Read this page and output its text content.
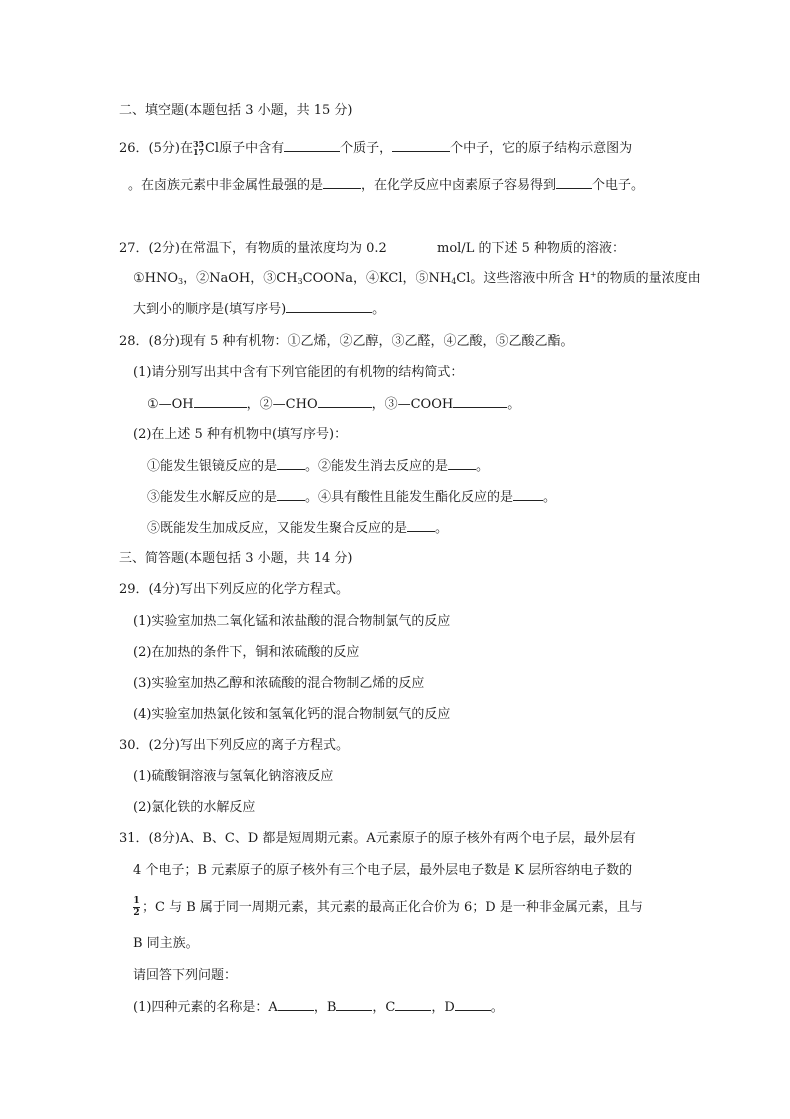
二、填空题(本题包括 3 小题，共 15 分)
26．(5分)在 35
17 Cl原子中含有	个质子，	个中子，它的原子结构示意图为
。在卤族元素中非金属性最强的是	，在化学反应中卤素原子容易得到	个电子。
27．(2分)在常温下，有物质的量浓度均为 0.2	mol/L 的下述 5 种物质的溶液：
$①HNO_3$，②NaOH，$③CH_3COONa$，④KCl，$⑤NH_4Cl$。这些溶液中所含 H+的物质的量浓度由
大到小的顺序是(填写序号)	。
28．(8分)现有 5 种有机物：①乙烯，②乙醇，③乙醛，④乙酸，⑤乙酸乙酯。
(1)请分别写出其中含有下列官能团的有机物的结构简式：
①—OH	，②—CHO	，③—COOH	。
(2)在上述 5 种有机物中(填写序号)：
①能发生银镜反应的是 。②能发生消去反应的是 。
③能发生水解反应的是 。④具有酸性且能发生酯化反应的是 。
⑤既能发生加成反应，又能发生聚合反应的是 。
三、简答题(本题包括 3 小题，共 14 分)
29．(4分)写出下列反应的化学方程式。
(1)实验室加热二氧化锰和浓盐酸的混合物制氯气的反应
(2)在加热的条件下，铜和浓硫酸的反应
(3)实验室加热乙醇和浓硫酸的混合物制乙烯的反应
(4)实验室加热氯化铵和氢氧化钙的混合物制氨气的反应
30．(2分)写出下列反应的离子方程式。
(1)硫酸铜溶液与氢氧化钠溶液反应
(2)氯化铁的水解反应
31．(8分)A、B、C、D 都是短周期元素。A元素原子的原子核外有两个电子层，最外层有
4 个电子；B 元素原子的原子核外有三个电子层，最外层电子数是 K 层所容纳电子数的
$\frac{1}{2}$ ；C 与 B 属于同一周期元素，其元素的最高正化合价为 6；D 是一种非金属元素，且与
B 同主族。
请回答下列问题：
(1)四种元素的名称是：A	，B	，C	，D	。
